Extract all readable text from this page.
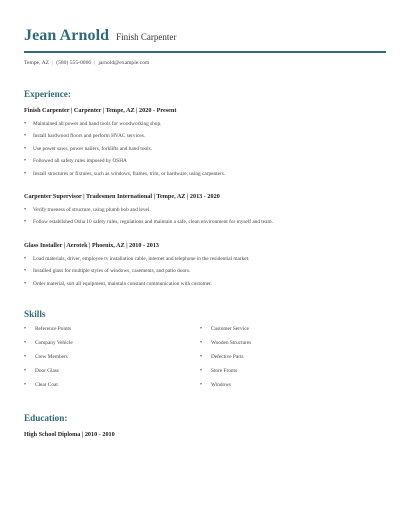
Jean Arnold Finish Carpenter
Tempe, AZ | (580) 555-0066 | jarnold@example.com
Experience:
Finish Carpenter | Carpenter | Tempe, AZ | 2020 - Present
• Maintained all power and hand tools for woodworking shop.
• Install hardwood floors and perform HVAC services.
• Use power saws, power nailers, forklifts and hand tools.
• Followed all safety rules imposed by OSHA
• Install structures or fixtures, such as windows, frames, trim, or hardware, using carpenters.
Carpenter Supervisor | Tradesmen International | Tempe, AZ | 2013 - 2020
• Verify trueness of structure, using plumb bob and level.
• Follow established Osha 10 safety rules, regulations and maintain a safe, clean environment for myself and team.
Glass Installer | Aerotek | Phoenix, AZ | 2010 - 2013
• Load materials, driver, employee tv installation cable, internet and telephone in the residential market.
• Installed glass for multiple styles of windows, casements, and patio doors.
• Order material, sort all equipment, maintain constant communication with customer.
Skills
• Reference Points
• Company Vehicle
• Crew Members
• Door Glass
• Clear Coat
• Customer Service
• Wooden Structures
• Defective Parts
• Store Fronts
• Windows
Education:
High School Diploma | 2010 - 2010
